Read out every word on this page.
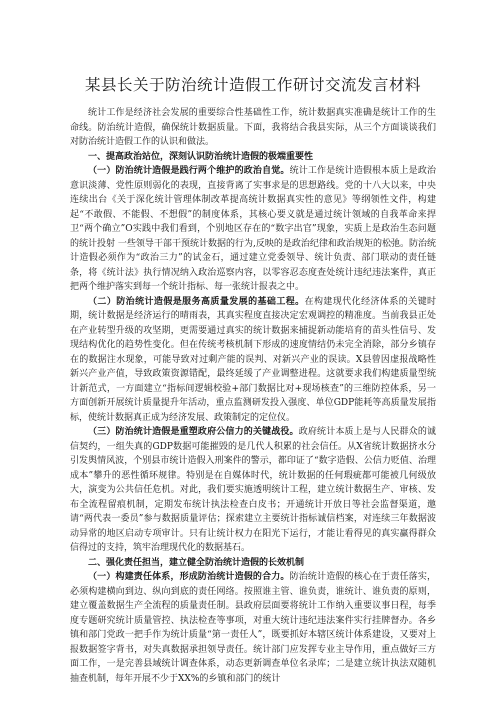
某县长关于防治统计造假工作研讨交流发言材料

统计工作是经济社会发展的重要综合性基础性工作，统计数据真实准确是统计工作的生命线。防治统计造假，确保统计数据质量。下面，我将结合我县实际，从三个方面谈谈我们对防治统计造假工作的认识和做法。

一、提高政治站位，深刻认识防治统计造假的极端重要性

（一）防治统计造假是践行两个维护的政治自觉。统计工作是统计造假根本质上是政治意识淡薄、党性原则弱化的表现，直接背离了实事求是的思想路线。党的十八大以来，中央连续出台《关于深化统计管理体制改革提高统计数据真实性的意见》等纲领性文件，构建起“不敢假、不能假、不想假”的制度体系，其核心要义就是通过统计领域的自我革命来捍卫“两个确立”O实践中我们看到，个别地区存在的“数字出官”现象，实质上是政治生态问题的统计投射 一些领导干部干预统计数据的行为,反映的是政治纪律和政治规矩的松弛。防治统计造假必须作为“政治三力”的试金石，通过建立党委领导、统计负责、部门联动的责任链条，将《统计法》执行情况纳入政治巡察内容，以零容忍态度查处统计违纪违法案件，真正把两个维护落实到每一个统计指标、每一张统计报表之中。

（二）防治统计造假是服务高质量发展的基础工程。在构建现代化经济体系的关键时期，统计数据是经济运行的晴雨表，其真实程度直接决定宏观调控的精准度。当前我县正处在产业转型升级的攻坚期，更需要通过真实的统计数据来捕捉新动能培育的苗头性信号、发现结构优化的趋势性变化。但在传统考核机制下形成的速度情结仍未完全消除，部分乡镇存在的数据注水现象，可能导致对过剩产能的误判、对新兴产业的误读。X县曾因虚报战略性新兴产业产值，导致政策资源错配，最终延缓了产业调整进程。这就要求我们构建质量型统计新范式，一方面建立“指标间逻辑校验+部门数据比对+现场核查”的三维防控体系，另一方面创新开展统计质量提升年活动，重点监测研发投入强度、单位GDP能耗等高质量发展指标，使统计数据真正成为经济发展、政策制定的定位仪。

（三）防治统计造假是重塑政府公信力的关键战役。政府统计本质上是与人民群众的诚信契约，一组失真的GDP数据可能摧毁的是几代人积累的社会信任。从X省统计数据挤水分引发舆情风波，个别县市统计造假入刑案件的警示，都印证了“数字造假、公信力贬值、治理成本”攀升的恶性循环规律。特别是在自媒体时代，统计数据的任何瑕疵都可能被几何级放大，演变为公共信任危机。对此，我们要实施透明统计工程，建立统计数据生产、审核、发布全流程留痕机制，定期发布统计执法检查白皮书；开通统计开放日等社会监督渠道，邀请“两代表一委员”参与数据质量评估；探索建立主要统计指标诚信档案，对连续三年数据波动异常的地区启动专项审计。只有让统计权力在阳光下运行，才能让看得见的真实赢得群众信得过的支持，筑牢治理现代化的数据基石。

二、强化责任担当，建立健全防治统计造假的长效机制

（一）构建责任体系，形成防治统计造假的合力。防治统计造假的核心在于责任落实，必须构建横向到边、纵向到底的责任网络。按照谁主管、谁负责，谁统计、谁负责的原则，建立覆盖数据生产全流程的质量责任制。县政府层面要将统计工作纳入重要议事日程，每季度专题研究统计质量管控、执法检查等事项，对重大统计违纪违法案件实行挂牌督办。各乡镇和部门党政一把手作为统计质量“第一责任人”，既要抓好本辖区统计体系建设，又要对上报数据签字背书，对失真数据承担领导责任。统计部门应发挥专业主导作用，重点做好三方面工作，一是完善县域统计调查体系，动态更新调查单位名录库；二是建立统计执法双随机抽查机制，每年开展不少于XX%的乡镇和部门的统计
